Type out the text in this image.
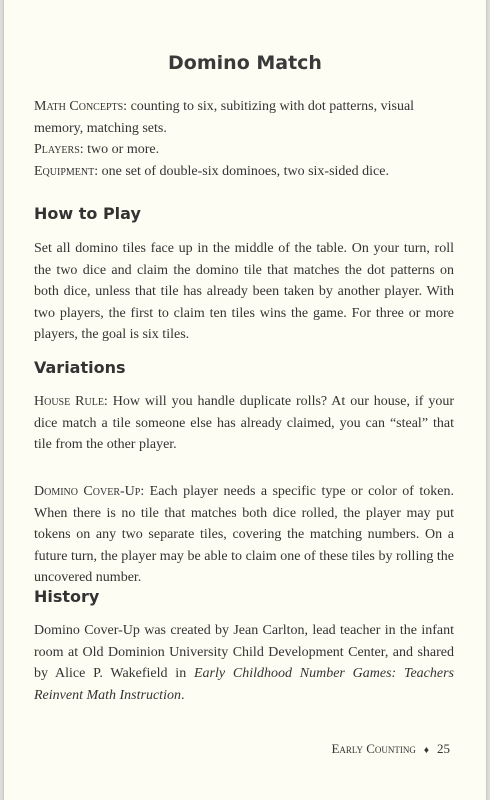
Domino Match
Math Concepts: counting to six, subitizing with dot patterns, visual memory, matching sets.
Players: two or more.
Equipment: one set of double-six dominoes, two six-sided dice.
How to Play

Set all domino tiles face up in the middle of the table. On your turn, roll the two dice and claim the domino tile that matches the dot patterns on both dice, unless that tile has already been taken by another player. With two players, the first to claim ten tiles wins the game. For three or more players, the goal is six tiles.

Variations

House Rule: How will you handle duplicate rolls? At our house, if your dice match a tile someone else has already claimed, you can “steal” that tile from the other player.

Domino Cover-Up: Each player needs a specific type or color of token. When there is no tile that matches both dice rolled, the player may put tokens on any two separate tiles, covering the matching numbers. On a future turn, the player may be able to claim one of these tiles by rolling the uncovered number.

History

Domino Cover-Up was created by Jean Carlton, lead teacher in the infant room at Old Dominion University Child Development Center, and shared by Alice P. Wakefield in Early Childhood Number Games: Teachers Reinvent Math Instruction.

Early Counting ♦ 25
